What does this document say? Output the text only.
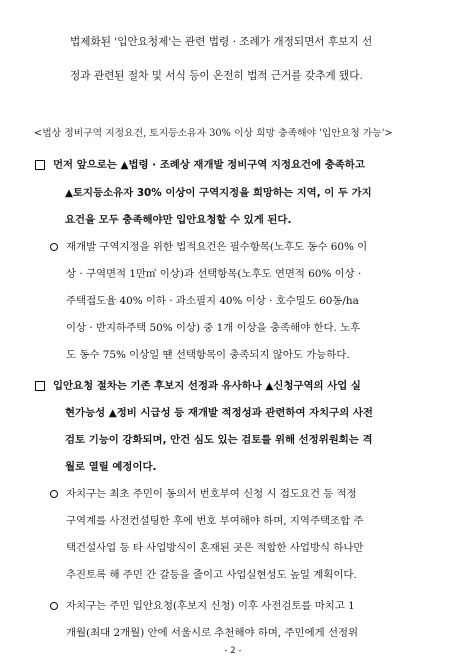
법제화된 '입안요청제'는 관련 법령 · 조례가 개정되면서 후보지 선

정과 관련된 절차 및 서식 등이 온전히 법적 근거를 갖추게 됐다.

<법상 정비구역 지정요건, 토지등소유자 30% 이상 희망 충족해야 '입안요청 가능'>

먼저 앞으로는 ▲법령 · 조례상 재개발 정비구역 지정요건에 충족하고

▲토지등소유자 30% 이상이 구역지정을 희망하는 지역, 이 두 가지

요건을 모두 충족해야만 입안요청할 수 있게 된다.

재개발 구역지정을 위한 법적요건은 필수항목(노후도 동수 60% 이

상 · 구역면적 1만㎡ 이상)과 선택항목(노후도 연면적 60% 이상 ·

주택접도율 40% 이하 · 과소필지 40% 이상 · 호수밀도 60동/ha

이상 · 반지하주택 50% 이상) 중 1개 이상을 충족해야 한다. 노후

도 동수 75% 이상일 땐 선택항목이 충족되지 않아도 가능하다.

입안요청 절차는 기존 후보지 선정과 유사하나 ▲신청구역의 사업 실

현가능성 ▲정비 시급성 등 재개발 적정성과 관련하여 자치구의 사전

검토 기능이 강화되며, 안건 심도 있는 검토를 위해 선정위원회는 격

월로 열릴 예정이다.

자치구는 최초 주민이 동의서 번호부여 신청 시 접도요건 등 적정

구역계를 사전컨설팅한 후에 번호 부여해야 하며, 지역주택조합 주

택건설사업 등 타 사업방식이 혼재된 곳은 적합한 사업방식 하나만

추진토록 해 주민 간 갈등을 줄이고 사업실현성도 높일 계획이다.

자치구는 주민 입안요청(후보지 신청) 이후 사전검토를 마치고 1

개월(최대 2개월) 안에 서울시로 추천해야 하며, 주민에게 선정위

- 2 -
